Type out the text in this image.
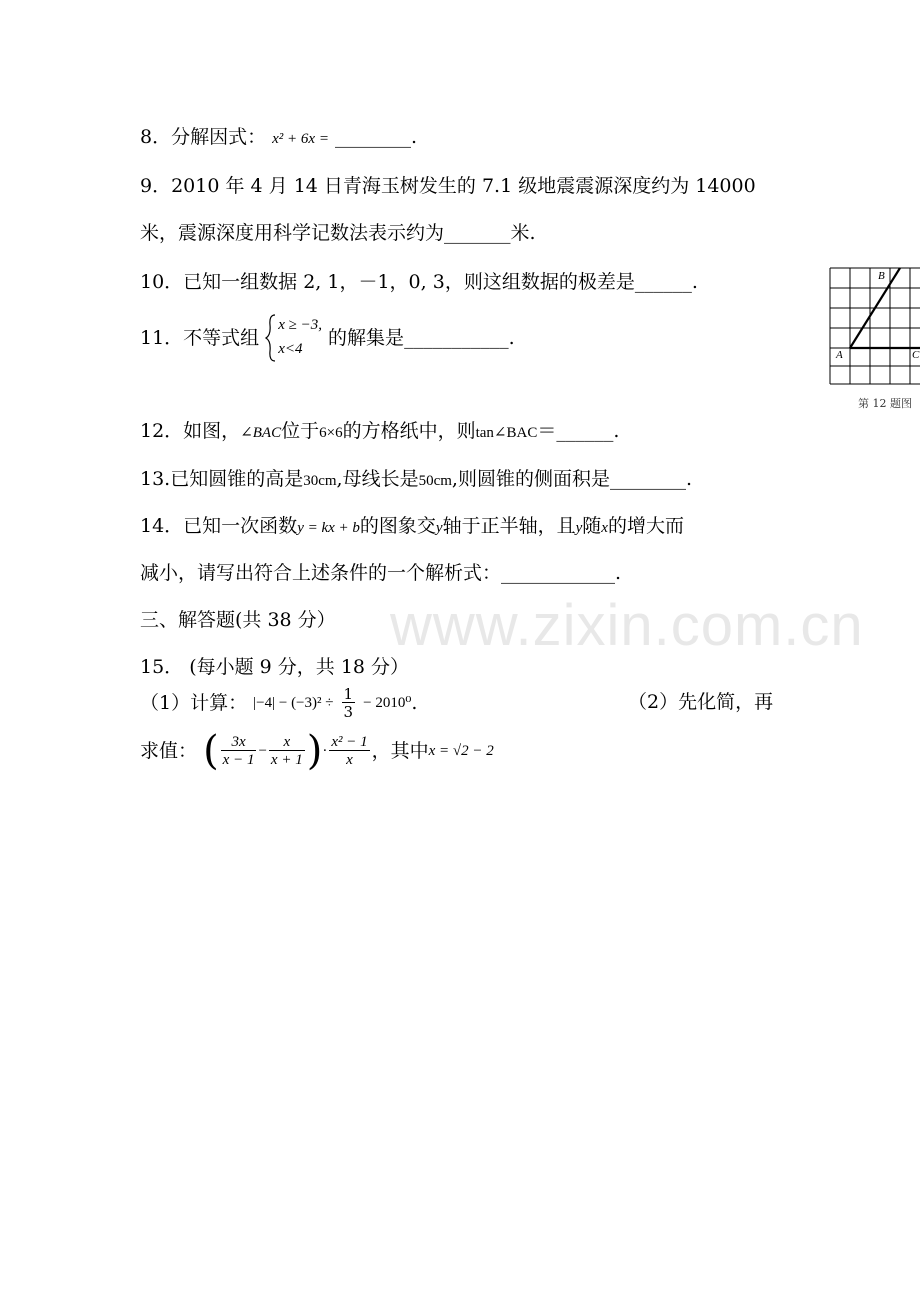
www.zixin.com.cn
8．分解因式： x² + 6x = ________.
9．2010 年 4 月 14 日青海玉树发生的 7.1 级地震震源深度约为 14000
米，震源深度用科学记数法表示约为_______米.
10．已知一组数据 2, 1，－1，0, 3，则这组数据的极差是______.
11．不等式组
x ≥ −3,
x<4	的解集是___________.
12．如图，∠BAC位于6×6的方格纸中，则tan∠BAC＝______.
13.已知圆锥的高是30cm,母线长是50cm,则圆锥的侧面积是________.
14．已知一次函数y = kx + b的图象交y轴于正半轴，且y随x的增大而
减小，请写出符合上述条件的一个解析式：____________.
三、解答题(共 38 分）
15． (每小题 9 分，共 18 分）
（1）计算： $|-4| - (-3)^2 \div \frac{1}{3} - 2010^0$.	（2）先化简，再
求值： ( $\frac{3x}{x - 1} - \frac{x}{x + 1}$ )· $\frac{\text{x² − 1}}{x}$ ，其中x = √2 − 2
B
A	C
第 12 题图
